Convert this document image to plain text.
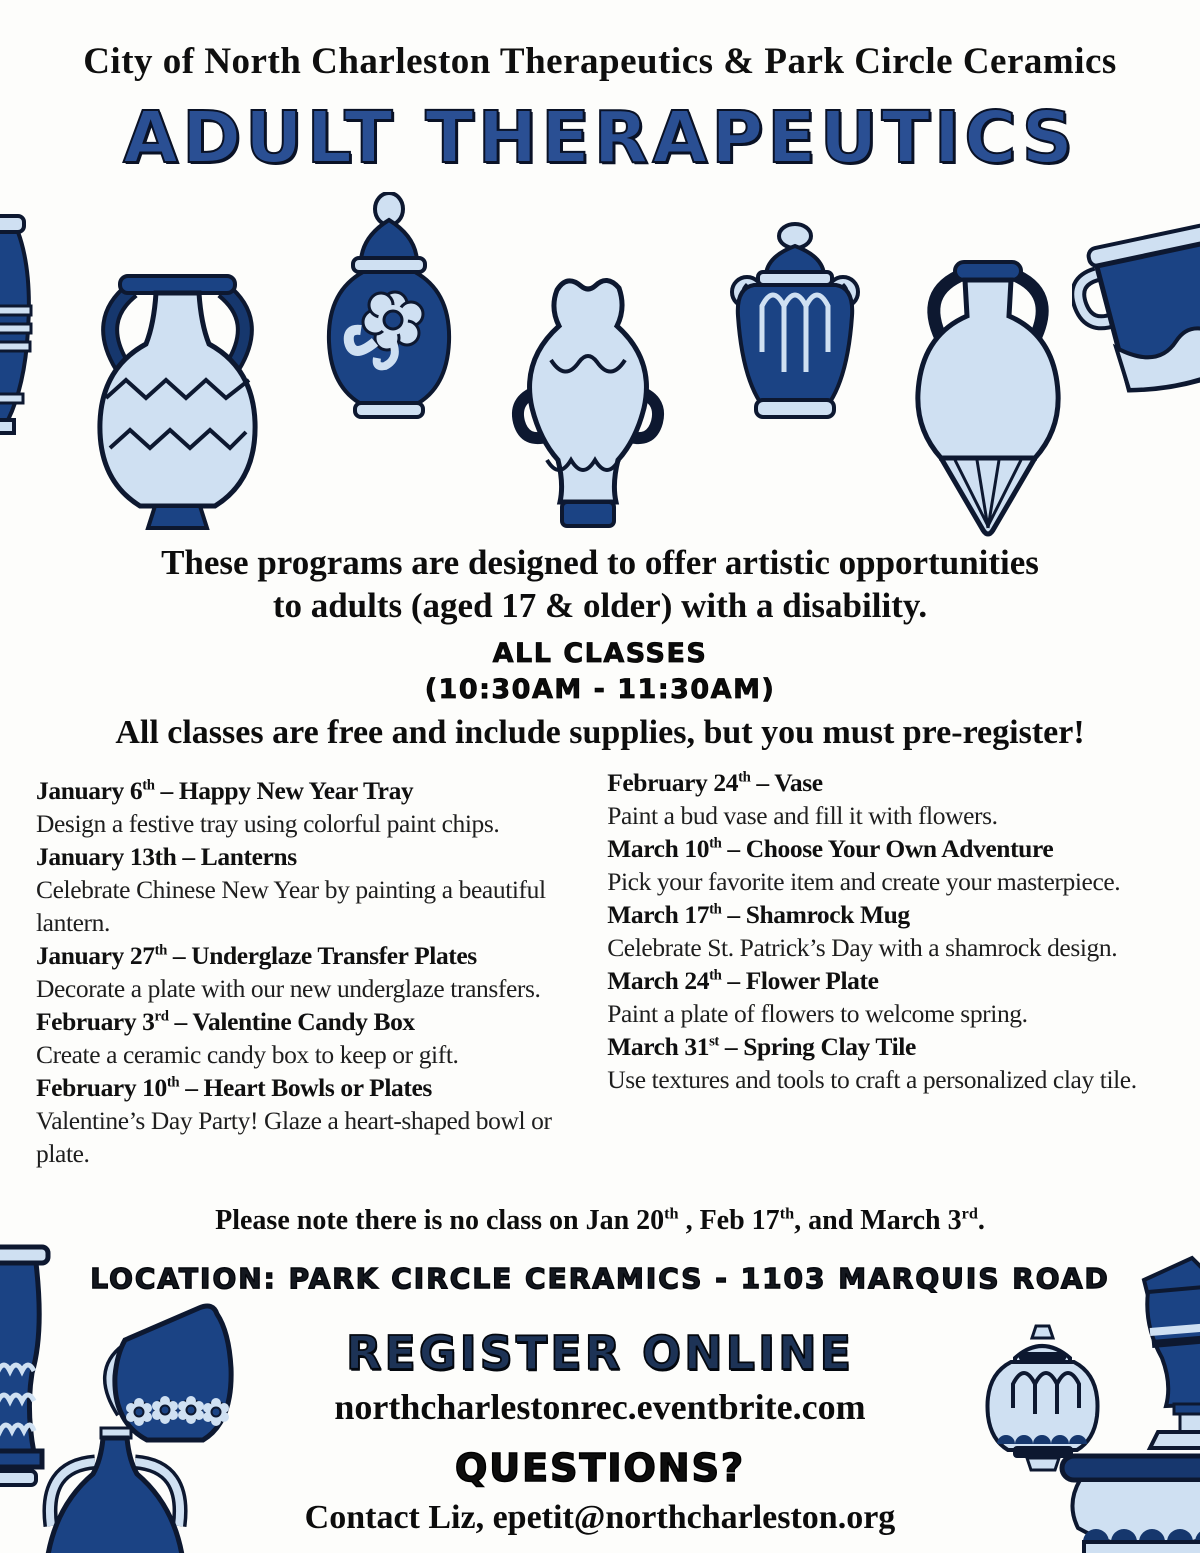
City of North Charleston Therapeutics & Park Circle Ceramics
ADULT THERAPEUTICS
These programs are designed to offer artistic opportunities
to adults (aged 17 & older) with a disability.
ALL CLASSES
(10:30AM - 11:30AM)
All classes are free and include supplies, but you must pre-register!
January 6th – Happy New Year Tray
Design a festive tray using colorful paint chips.
January 13th – Lanterns
Celebrate Chinese New Year by painting a beautiful lantern.
January 27th – Underglaze Transfer Plates
Decorate a plate with our new underglaze transfers.
February 3rd – Valentine Candy Box
Create a ceramic candy box to keep or gift.
February 10th – Heart Bowls or Plates
Valentine’s Day Party! Glaze a heart-shaped bowl or plate.
February 24th – Vase
Paint a bud vase and fill it with flowers.
March 10th – Choose Your Own Adventure
Pick your favorite item and create your masterpiece.
March 17th – Shamrock Mug
Celebrate St. Patrick’s Day with a shamrock design.
March 24th – Flower Plate
Paint a plate of flowers to welcome spring.
March 31st – Spring Clay Tile
Use textures and tools to craft a personalized clay tile.
Please note there is no class on Jan 20th , Feb 17th, and March 3rd.
LOCATION: PARK CIRCLE CERAMICS - 1103 MARQUIS ROAD
REGISTER ONLINE
northcharlestonrec.eventbrite.com
QUESTIONS?
Contact Liz, epetit@northcharleston.org
